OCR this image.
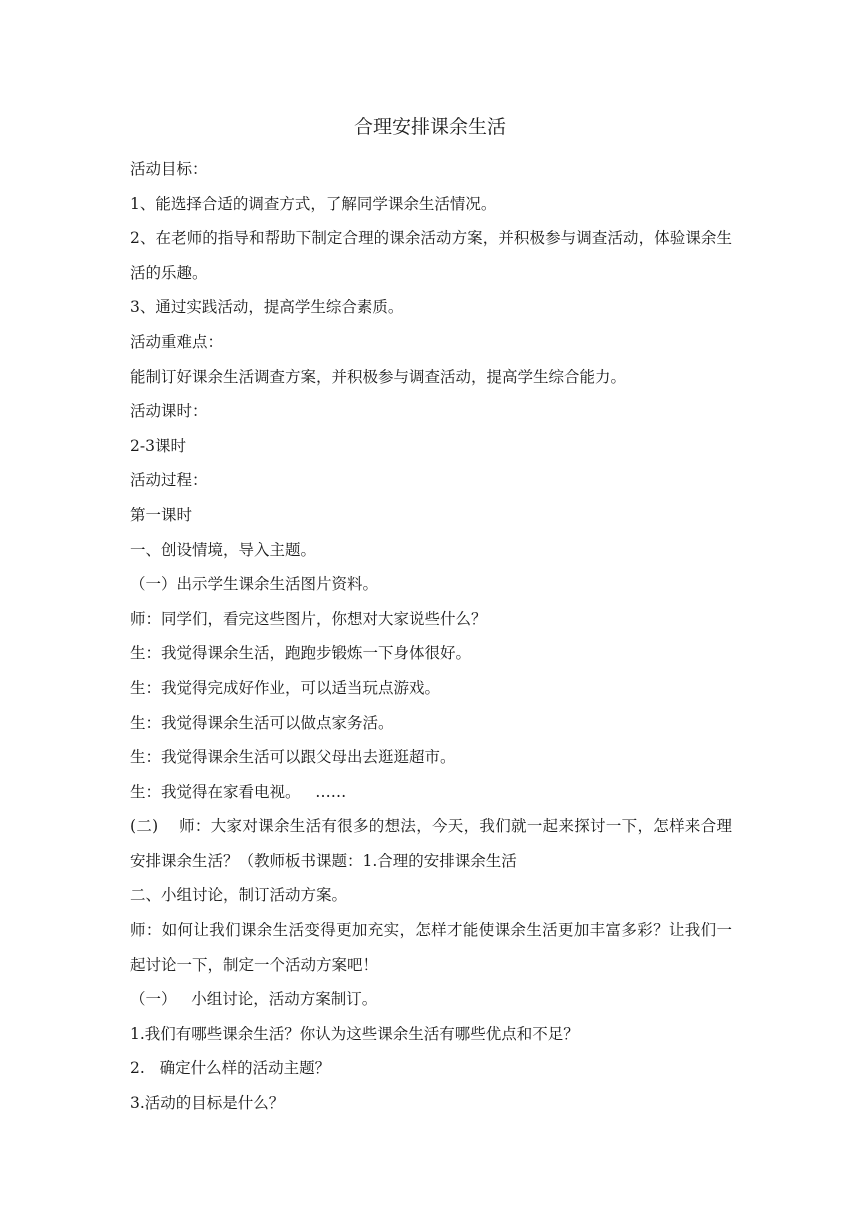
合理安排课余生活

活动目标：

1、能选择合适的调查方式，了解同学课余生活情况。

2、在老师的指导和帮助下制定合理的课余活动方案，并积极参与调查活动，体验课余生活的乐趣。

3、通过实践活动，提高学生综合素质。

活动重难点：

能制订好课余生活调查方案，并积极参与调查活动，提高学生综合能力。

活动课时：

2-3课时

活动过程：

第一课时

一、创设情境，导入主题。

（一）出示学生课余生活图片资料。

师：同学们，看完这些图片，你想对大家说些什么？

生：我觉得课余生活，跑跑步锻炼一下身体很好。

生：我觉得完成好作业，可以适当玩点游戏。

生：我觉得课余生活可以做点家务活。

生：我觉得课余生活可以跟父母出去逛逛超市。

生：我觉得在家看电视。   ……

(二)    师：大家对课余生活有很多的想法，今天，我们就一起来探讨一下，怎样来合理安排课余生活？（教师板书课题：1.合理的安排课余生活

二、小组讨论，制订活动方案。

师：如何让我们课余生活变得更加充实，怎样才能使课余生活更加丰富多彩？让我们一起讨论一下，制定一个活动方案吧！

（一）   小组讨论，活动方案制订。

1.我们有哪些课余生活？你认为这些课余生活有哪些优点和不足？

2.   确定什么样的活动主题？

3.活动的目标是什么？
